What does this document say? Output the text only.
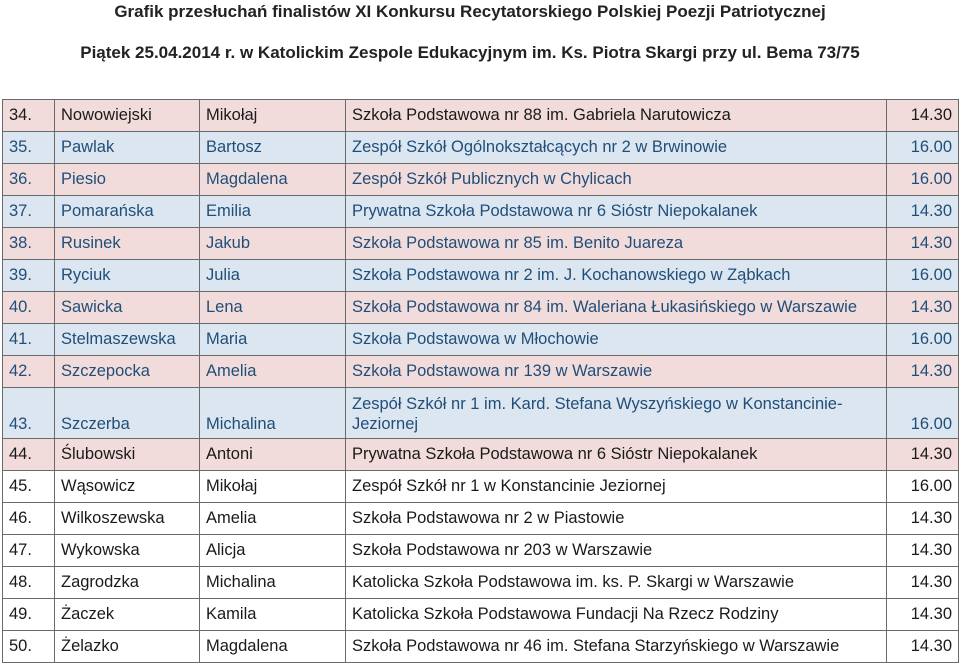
Grafik przesłuchań finalistów XI Konkursu Recytatorskiego Polskiej Poezji Patriotycznej
Piątek 25.04.2014 r. w Katolickim Zespole Edukacyjnym im. Ks. Piotra Skargi przy ul. Bema 73/75
34.	Nowowiejski	Mikołaj	Szkoła Podstawowa nr 88 im. Gabriela Narutowicza	14.30
35.	Pawlak	Bartosz	Zespół Szkół Ogólnokształcących nr 2 w Brwinowie	16.00
36.	Piesio	Magdalena	Zespół Szkół Publicznych w Chylicach	16.00
37.	Pomarańska	Emilia	Prywatna Szkoła Podstawowa nr 6 Sióstr Niepokalanek	14.30
38.	Rusinek	Jakub	Szkoła Podstawowa nr 85 im. Benito Juareza	14.30
39.	Ryciuk	Julia	Szkoła Podstawowa nr 2 im. J. Kochanowskiego w Ząbkach	16.00
40.	Sawicka	Lena	Szkoła Podstawowa nr 84 im. Waleriana Łukasińskiego w Warszawie	14.30
41.	Stelmaszewska	Maria	Szkoła Podstawowa w Młochowie	16.00
42.	Szczepocka	Amelia	Szkoła Podstawowa nr 139 w Warszawie	14.30
43.	Szczerba	Michalina	Zespół Szkół nr 1 im. Kard. Stefana Wyszyńskiego w Konstancinie-Jeziornej	16.00
44.	Ślubowski	Antoni	Prywatna Szkoła Podstawowa nr 6 Sióstr Niepokalanek	14.30
45.	Wąsowicz	Mikołaj	Zespół Szkół nr 1 w Konstancinie Jeziornej	16.00
46.	Wilkoszewska	Amelia	Szkoła Podstawowa nr 2 w Piastowie	14.30
47.	Wykowska	Alicja	Szkoła Podstawowa nr 203 w Warszawie	14.30
48.	Zagrodzka	Michalina	Katolicka Szkoła Podstawowa im. ks. P. Skargi w Warszawie	14.30
49.	Żaczek	Kamila	Katolicka Szkoła Podstawowa Fundacji Na Rzecz Rodziny	14.30
50.	Żelazko	Magdalena	Szkoła Podstawowa nr 46 im. Stefana Starzyńskiego w Warszawie	14.30
